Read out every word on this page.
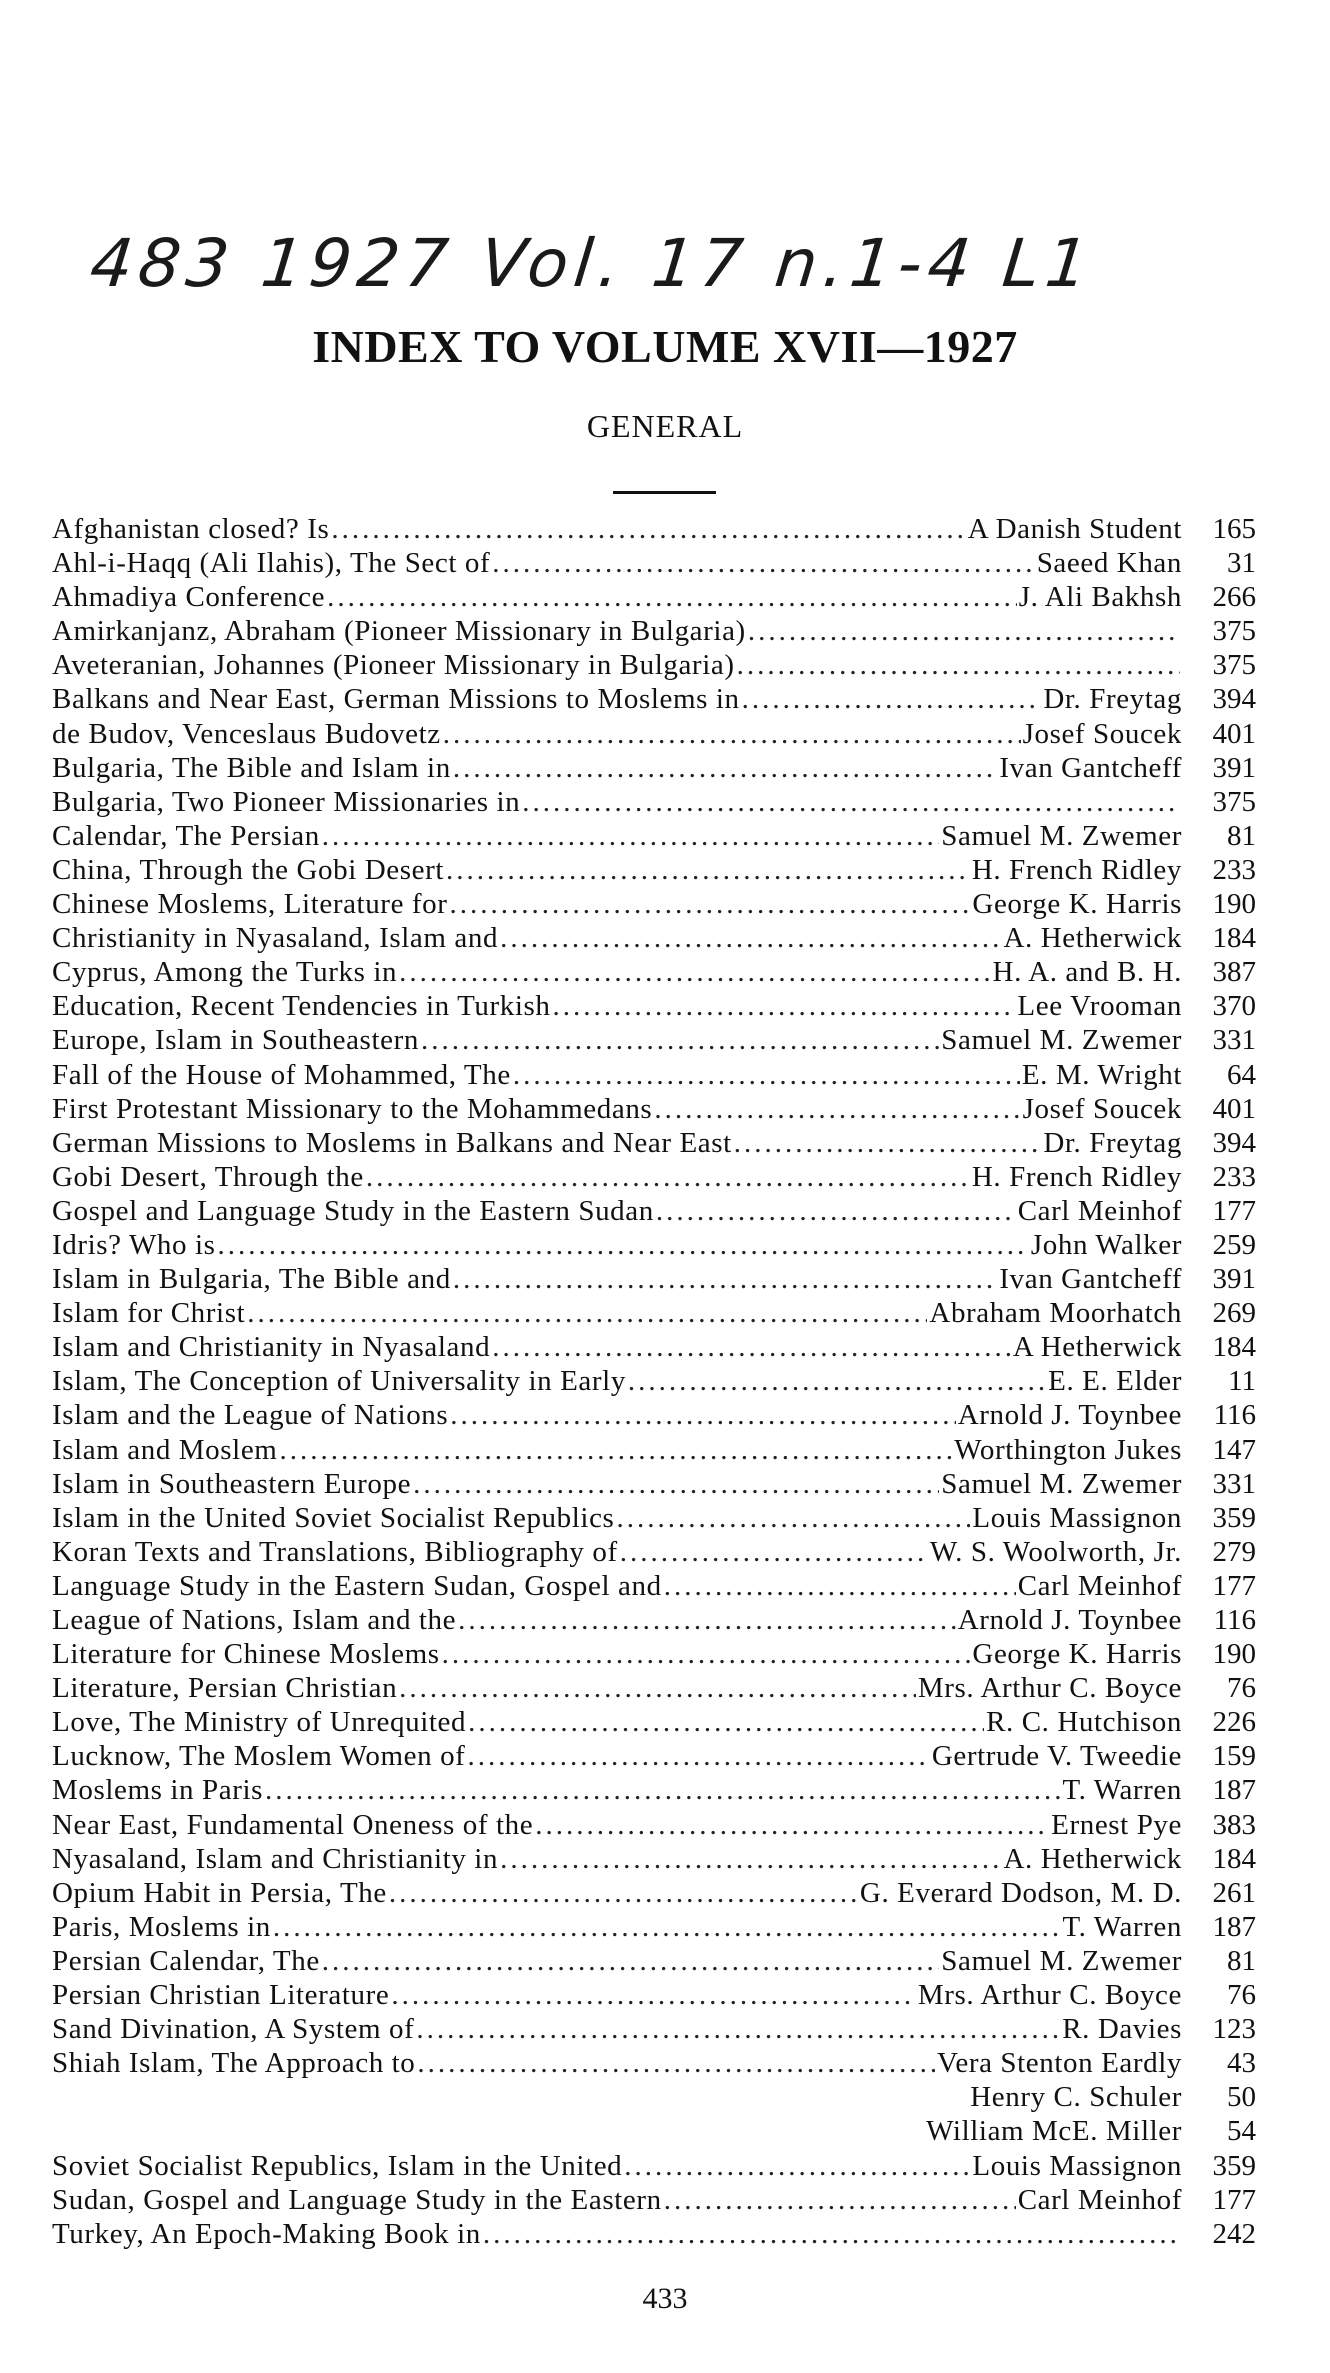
483 1927 Vol. 17 n.1-4 L1
INDEX TO VOLUME XVII—1927
GENERAL
Afghanistan closed? Is .....	A Danish Student	165
Ahl-i-Haqq (Ali Ilahis), The Sect of .....	Saeed Khan	31
Ahmadiya Conference .....	J. Ali Bakhsh	266
Amirkanjanz, Abraham (Pioneer Missionary in Bulgaria) .....	375
Aveteranian, Johannes (Pioneer Missionary in Bulgaria) .....	375
Balkans and Near East, German Missions to Moslems in .....	Dr. Freytag	394
de Budov, Venceslaus Budovetz .....	Josef Soucek	401
Bulgaria, The Bible and Islam in .....	Ivan Gantcheff	391
Bulgaria, Two Pioneer Missionaries in .....	375
Calendar, The Persian .....	Samuel M. Zwemer	81
China, Through the Gobi Desert .....	H. French Ridley	233
Chinese Moslems, Literature for .....	George K. Harris	190
Christianity in Nyasaland, Islam and .....	A. Hetherwick	184
Cyprus, Among the Turks in .....	H. A. and B. H.	387
Education, Recent Tendencies in Turkish .....	Lee Vrooman	370
Europe, Islam in Southeastern .....	Samuel M. Zwemer	331
Fall of the House of Mohammed, The .....	E. M. Wright	64
First Protestant Missionary to the Mohammedans .....	Josef Soucek	401
German Missions to Moslems in Balkans and Near East .....	Dr. Freytag	394
Gobi Desert, Through the .....	H. French Ridley	233
Gospel and Language Study in the Eastern Sudan .....	Carl Meinhof	177
Idris? Who is .....	John Walker	259
Islam in Bulgaria, The Bible and .....	Ivan Gantcheff	391
Islam for Christ .....	Abraham Moorhatch	269
Islam and Christianity in Nyasaland .....	A Hetherwick	184
Islam, The Conception of Universality in Early .....	E. E. Elder	11
Islam and the League of Nations .....	Arnold J. Toynbee	116
Islam and Moslem .....	Worthington Jukes	147
Islam in Southeastern Europe .....	Samuel M. Zwemer	331
Islam in the United Soviet Socialist Republics .....	Louis Massignon	359
Koran Texts and Translations, Bibliography of .....	W. S. Woolworth, Jr.	279
Language Study in the Eastern Sudan, Gospel and .....	Carl Meinhof	177
League of Nations, Islam and the .....	Arnold J. Toynbee	116
Literature for Chinese Moslems .....	George K. Harris	190
Literature, Persian Christian .....	Mrs. Arthur C. Boyce	76
Love, The Ministry of Unrequited .....	R. C. Hutchison	226
Lucknow, The Moslem Women of .....	Gertrude V. Tweedie	159
Moslems in Paris .....	T. Warren	187
Near East, Fundamental Oneness of the .....	Ernest Pye	383
Nyasaland, Islam and Christianity in .....	A. Hetherwick	184
Opium Habit in Persia, The .....	G. Everard Dodson, M. D.	261
Paris, Moslems in .....	T. Warren	187
Persian Calendar, The .....	Samuel M. Zwemer	81
Persian Christian Literature .....	Mrs. Arthur C. Boyce	76
Sand Divination, A System of .....	R. Davies	123
Shiah Islam, The Approach to .....	Vera Stenton Eardly	43
Henry C. Schuler	50
William McE. Miller	54
Soviet Socialist Republics, Islam in the United .....	Louis Massignon	359
Sudan, Gospel and Language Study in the Eastern .....	Carl Meinhof	177
Turkey, An Epoch-Making Book in .....	242
433
